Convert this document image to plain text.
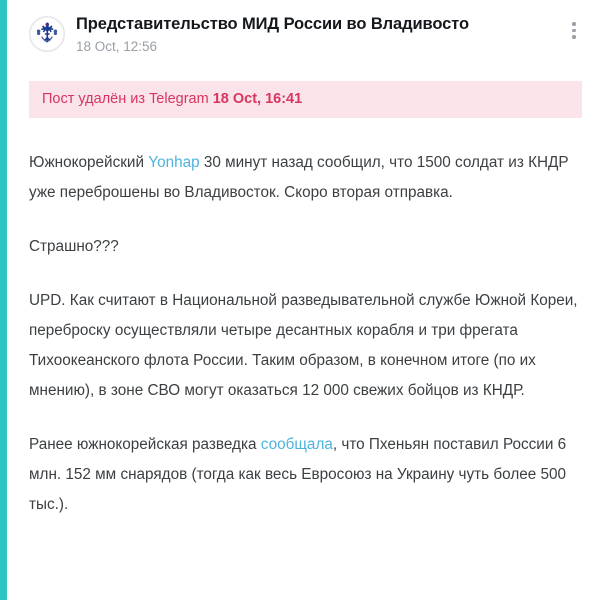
Представительство МИД России во Владивосто
18 Oct, 12:56
Пост удалён из Telegram 18 Oct, 16:41

Южнокорейский Yonhap 30 минут назад сообщил, что 1500 солдат из КНДР уже переброшены во Владивосток. Скоро вторая отправка.

Страшно???

UPD. Как считают в Национальной разведывательной службе Южной Кореи, переброску осуществляли четыре десантных корабля и три фрегата Тихоокеанского флота России. Таким образом, в конечном итоге (по их мнению), в зоне СВО могут оказаться 12 000 свежих бойцов из КНДР.

Ранее южнокорейская разведка сообщала, что Пхеньян поставил России 6 млн. 152 мм снарядов (тогда как весь Евросоюз на Украину чуть более 500 тыс.).
